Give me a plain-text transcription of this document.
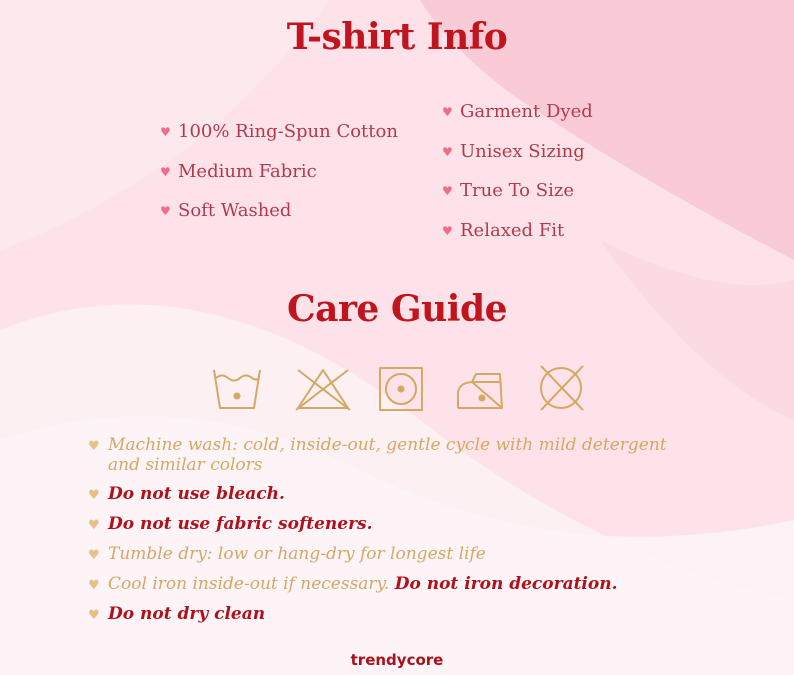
T-shirt Info
♥ 100% Ring-Spun Cotton
♥ Medium Fabric
♥ Soft Washed
♥ Garment Dyed
♥ Unisex Sizing
♥ True To Size
♥ Relaxed Fit
Care Guide
♥ Machine wash: cold, inside-out, gentle cycle with mild detergent
and similar colors
♥ Do not use bleach.
♥ Do not use fabric softeners.
♥ Tumble dry: low or hang-dry for longest life
♥ Cool iron inside-out if necessary. Do not iron decoration.
♥ Do not dry clean
trendycore
